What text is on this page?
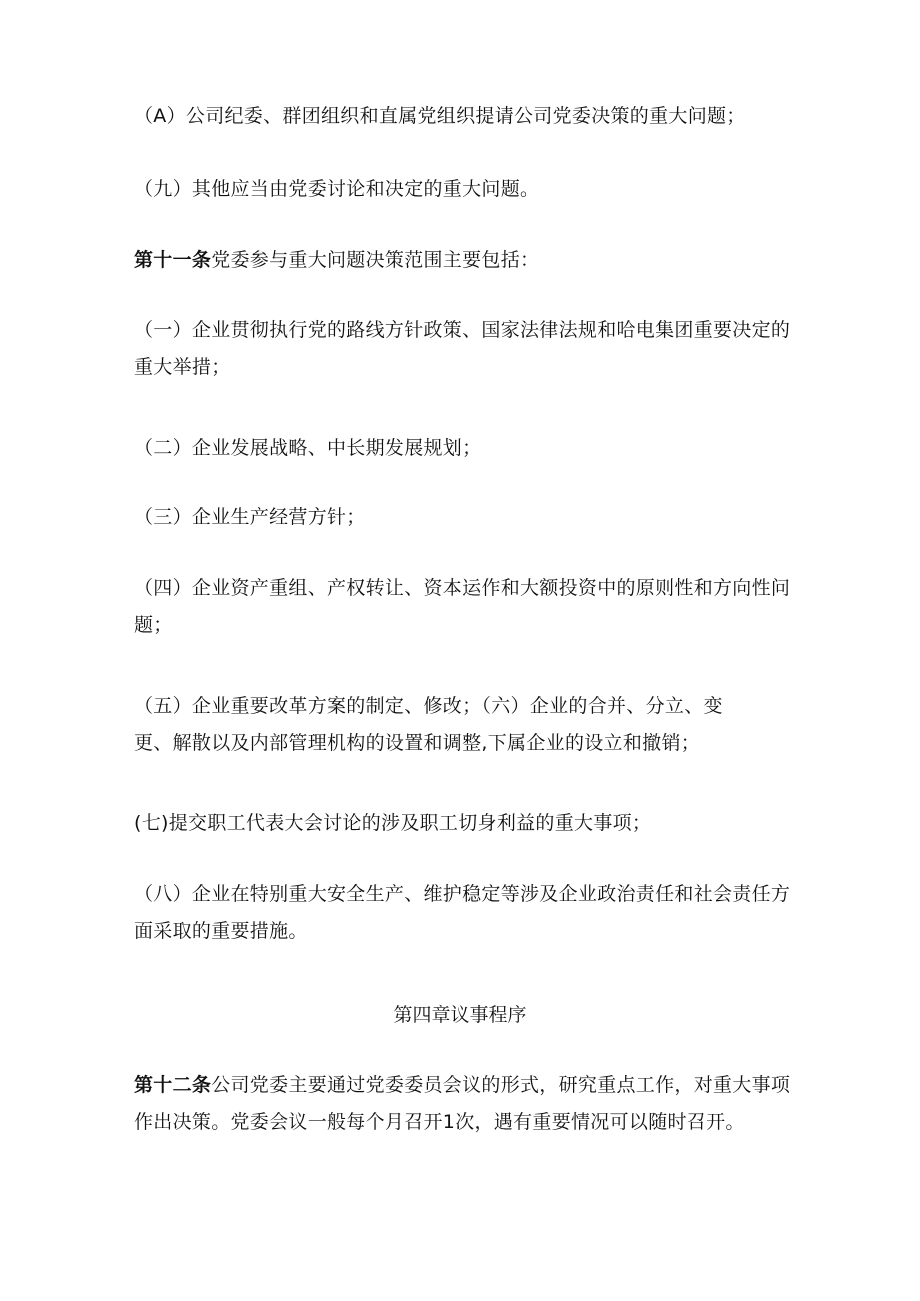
（A）公司纪委、群团组织和直属党组织提请公司党委决策的重大问题；

（九）其他应当由党委讨论和决定的重大问题。

第十一条党委参与重大问题决策范围主要包括：

（一）企业贯彻执行党的路线方针政策、国家法律法规和哈电集团重要决定的重大举措；

（二）企业发展战略、中长期发展规划；

（三）企业生产经营方针；

（四）企业资产重组、产权转让、资本运作和大额投资中的原则性和方向性问题；

（五）企业重要改革方案的制定、修改；（六）企业的合并、分立、变
更、解散以及内部管理机构的设置和调整,下属企业的设立和撤销；

(七)提交职工代表大会讨论的涉及职工切身利益的重大事项；

（八）企业在特别重大安全生产、维护稳定等涉及企业政治责任和社会责任方面采取的重要措施。

第四章议事程序

第十二条公司党委主要通过党委委员会议的形式，研究重点工作，对重大事项作出决策。党委会议一般每个月召开1次，遇有重要情况可以随时召开。
